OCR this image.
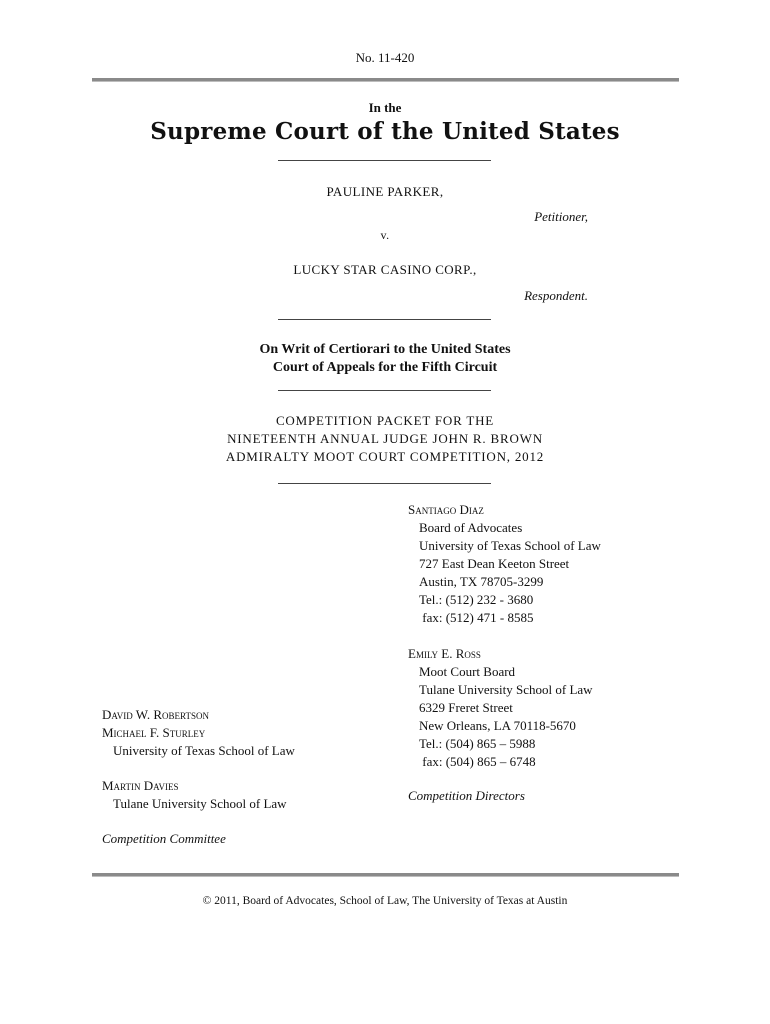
No. 11-420
In the
Supreme Court of the United States
PAULINE PARKER,
Petitioner,
v.
LUCKY STAR CASINO CORP.,
Respondent.
On Writ of Certiorari to the United States
Court of Appeals for the Fifth Circuit
COMPETITION PACKET FOR THE
NINETEENTH ANNUAL JUDGE JOHN R. BROWN
ADMIRALTY MOOT COURT COMPETITION, 2012
Santiago Diaz
Board of Advocates
University of Texas School of Law
727 East Dean Keeton Street
Austin, TX 78705-3299
Tel.: (512) 232 - 3680
fax: (512) 471 - 8585
Emily E. Ross
Moot Court Board
Tulane University School of Law
6329 Freret Street
New Orleans, LA 70118-5670
Tel.: (504) 865 – 5988
fax: (504) 865 – 6748
Competition Directors
David W. Robertson
Michael F. Sturley
University of Texas School of Law
Martin Davies
Tulane University School of Law
Competition Committee
© 2011, Board of Advocates, School of Law, The University of Texas at Austin
